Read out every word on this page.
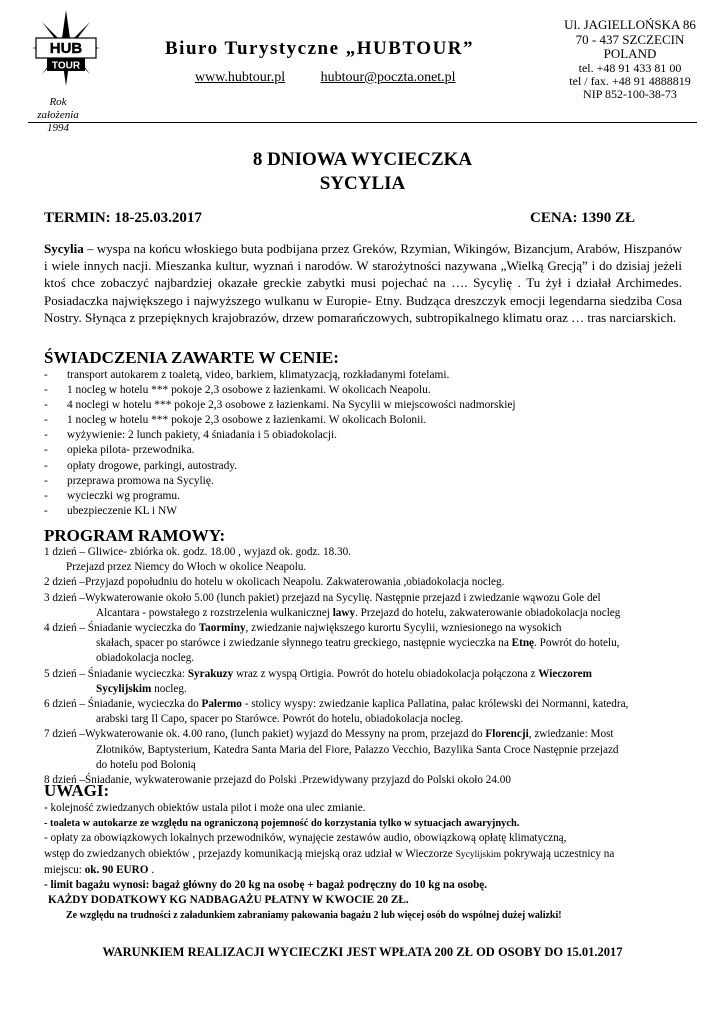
HUB
TOUR
Rok założenia
1994
Biuro Turystyczne „HUBTOUR”
www.hubtour.pl	hubtour@poczta.onet.pl
Ul. JAGIELLOŃSKA 86
70 - 437 SZCZECIN
POLAND
tel. +48 91 433 81 00
tel / fax. +48 91 4888819
NIP 852-100-38-73
8 DNIOWA WYCIECZKA
SYCYLIA
TERMIN: 18-25.03.2017	CENA: 1390 ZŁ
Sycylia – wyspa na końcu włoskiego buta podbijana przez Greków, Rzymian, Wikingów, Bizancjum, Arabów, Hiszpanów i wiele innych nacji. Mieszanka kultur, wyznań i narodów. W starożytności nazywana „Wielką Grecją” i do dzisiaj jeżeli ktoś chce zobaczyć najbardziej okazałe greckie zabytki musi pojechać na …. Sycylię . Tu żył i działał Archimedes. Posiadaczka największego i najwyższego wulkanu w Europie- Etny. Budząca dreszczyk emocji legendarna siedziba Cosa Nostry. Słynąca z przepięknych krajobrazów, drzew pomarańczowych, subtropikalnego klimatu oraz … tras narciarskich.
ŚWIADCZENIA ZAWARTE W CENIE:
-	transport autokarem z toaletą, video, barkiem, klimatyzacją, rozkładanymi fotelami.
-	1 nocleg w hotelu *** pokoje 2,3 osobowe z łazienkami. W okolicach Neapolu.
-	4 noclegi w hotelu *** pokoje 2,3 osobowe z łazienkami. Na Sycylii w miejscowości nadmorskiej
-	1 nocleg w hotelu *** pokoje 2,3 osobowe z łazienkami. W okolicach Bolonii.
-	wyżywienie: 2 lunch pakiety, 4 śniadania i 5 obiadokolacji.
-	opieka pilota- przewodnika.
-	opłaty drogowe, parkingi, autostrady.
-	przeprawa promowa na Sycylię.
-	wycieczki wg programu.
-	ubezpieczenie KL i NW
PROGRAM RAMOWY:
1 dzień – Gliwice- zbiórka ok. godz. 18.00 , wyjazd ok. godz. 18.30.
Przejazd przez Niemcy do Włoch w okolice Neapolu.
2 dzień –Przyjazd popołudniu do hotelu w okolicach Neapolu. Zakwaterowania ,obiadokolacja nocleg.
3 dzień –Wykwaterowanie około 5.00 (lunch pakiet) przejazd na Sycylię. Następnie przejazd i zwiedzanie wąwozu Gole del
Alcantara - powstałego z rozstrzelenia wulkanicznej lawy. Przejazd do hotelu, zakwaterowanie obiadokolacja nocleg
4 dzień – Śniadanie wycieczka do Taorminy, zwiedzanie największego kurortu Sycylii, wzniesionego na wysokich
skałach, spacer po starówce i zwiedzanie słynnego teatru greckiego, następnie wycieczka na Etnę. Powrót do hotelu,
obiadokolacja nocleg.
5 dzień – Śniadanie wycieczka: Syrakuzy wraz z wyspą Ortigia. Powrót do hotelu obiadokolacja połączona z Wieczorem
Sycylijskim nocleg.
6 dzień – Śniadanie, wycieczka do Palermo - stolicy wyspy: zwiedzanie kaplica Pallatina, pałac królewski dei Normanni, katedra,
arabski targ Il Capo, spacer po Starówce. Powrót do hotelu, obiadokolacja nocleg.
7 dzień –Wykwaterowanie ok. 4.00 rano, (lunch pakiet) wyjazd do Messyny na prom, przejazd do Florencji, zwiedzanie: Most
Złotników, Baptysterium, Katedra Santa Maria del Fiore, Palazzo Vecchio, Bazylika Santa Croce Następnie przejazd
do hotelu pod Bolonią
8 dzień –Śniadanie, wykwaterowanie przejazd do Polski .Przewidywany przyjazd do Polski około 24.00
UWAGI:
- kolejność zwiedzanych obiektów ustala pilot i może ona ulec zmianie.
- toaleta w autokarze ze względu na ograniczoną pojemność do korzystania tylko w sytuacjach awaryjnych.
- opłaty za obowiązkowych lokalnych przewodników, wynajęcie zestawów audio, obowiązkową opłatę klimatyczną,
wstęp do zwiedzanych obiektów , przejazdy komunikacją miejską oraz udział w Wieczorze Sycylijskim pokrywają uczestnicy na
miejscu: ok. 90 EURO .
- limit bagażu wynosi: bagaż główny do 20 kg na osobę + bagaż podręczny do 10 kg na osobę.
KAŻDY DODATKOWY KG NADBAGAŻU PŁATNY W KWOCIE 20 ZŁ.
Ze względu na trudności z załadunkiem zabraniamy pakowania bagażu 2 lub więcej osób do wspólnej dużej walizki!
WARUNKIEM REALIZACJI WYCIECZKI JEST WPŁATA 200 ZŁ OD OSOBY DO 15.01.2017
